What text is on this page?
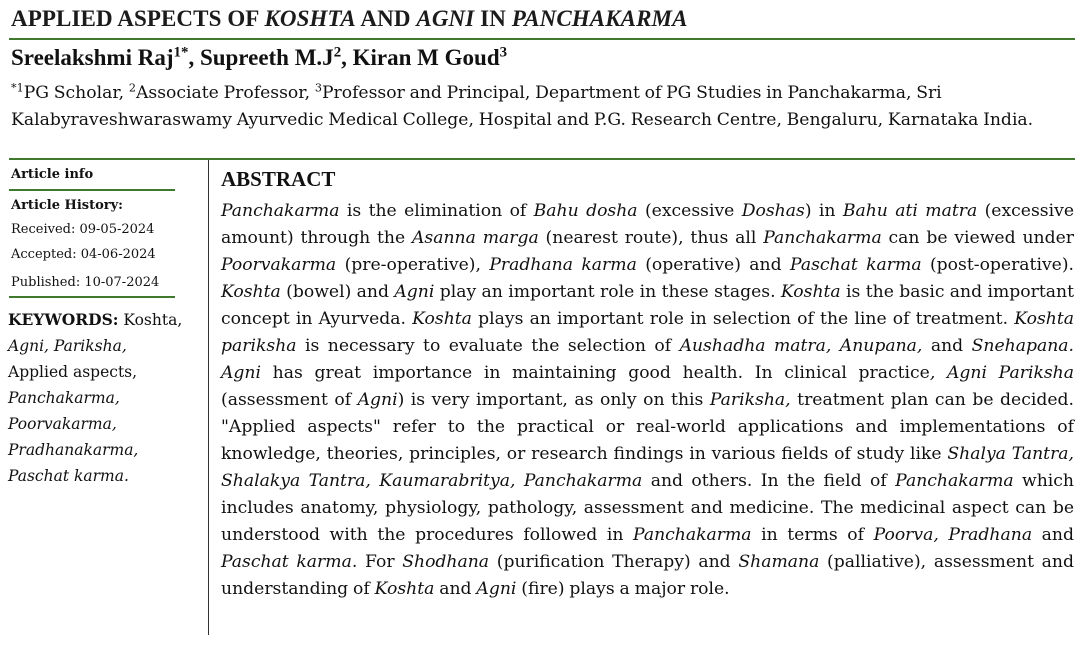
APPLIED ASPECTS OF KOSHTA AND AGNI IN PANCHAKARMA
Sreelakshmi Raj$^{1*}$, Supreeth $M.J^2$, Kiran M Goud$^3$
$^{*1}$PG Scholar, $^2$Associate Professor, $^3$Professor and Principal, Department of PG Studies in Panchakarma, Sri Kalabyraveshwaraswamy Ayurvedic Medical College, Hospital and P.G. Research Centre, Bengaluru, Karnataka India.
Article info
Article History:
Received: 09-05-2024
Accepted: 04-06-2024
Published: 10-07-2024
KEYWORDS: Koshta,
Agni, Pariksha,
Applied aspects,
Panchakarma,
Poorvakarma,
Pradhanakarma,
Paschat karma.
ABSTRACT
Panchakarma is the elimination of Bahu dosha (excessive Doshas) in Bahu ati matra (excessive amount) through the Asanna marga (nearest route), thus all Panchakarma can be viewed under Poorvakarma (pre-operative), Pradhana karma (operative) and Paschat karma (post-operative). Koshta (bowel) and Agni play an important role in these stages. Koshta is the basic and important concept in Ayurveda. Koshta plays an important role in selection of the line of treatment. Koshta pariksha is necessary to evaluate the selection of Aushadha matra, Anupana, and Snehapana. Agni has great importance in maintaining good health. In clinical practice, Agni Pariksha (assessment of Agni) is very important, as only on this Pariksha, treatment plan can be decided. "Applied aspects" refer to the practical or real-world applications and implementations of knowledge, theories, principles, or research findings in various fields of study like Shalya Tantra, Shalakya Tantra, Kaumarabritya, Panchakarma and others. In the field of Panchakarma which includes anatomy, physiology, pathology, assessment and medicine. The medicinal aspect can be understood with the procedures followed in Panchakarma in terms of Poorva, Pradhana and Paschat karma. For Shodhana (purification Therapy) and Shamana (palliative), assessment and understanding of Koshta and Agni (fire) plays a major role.
